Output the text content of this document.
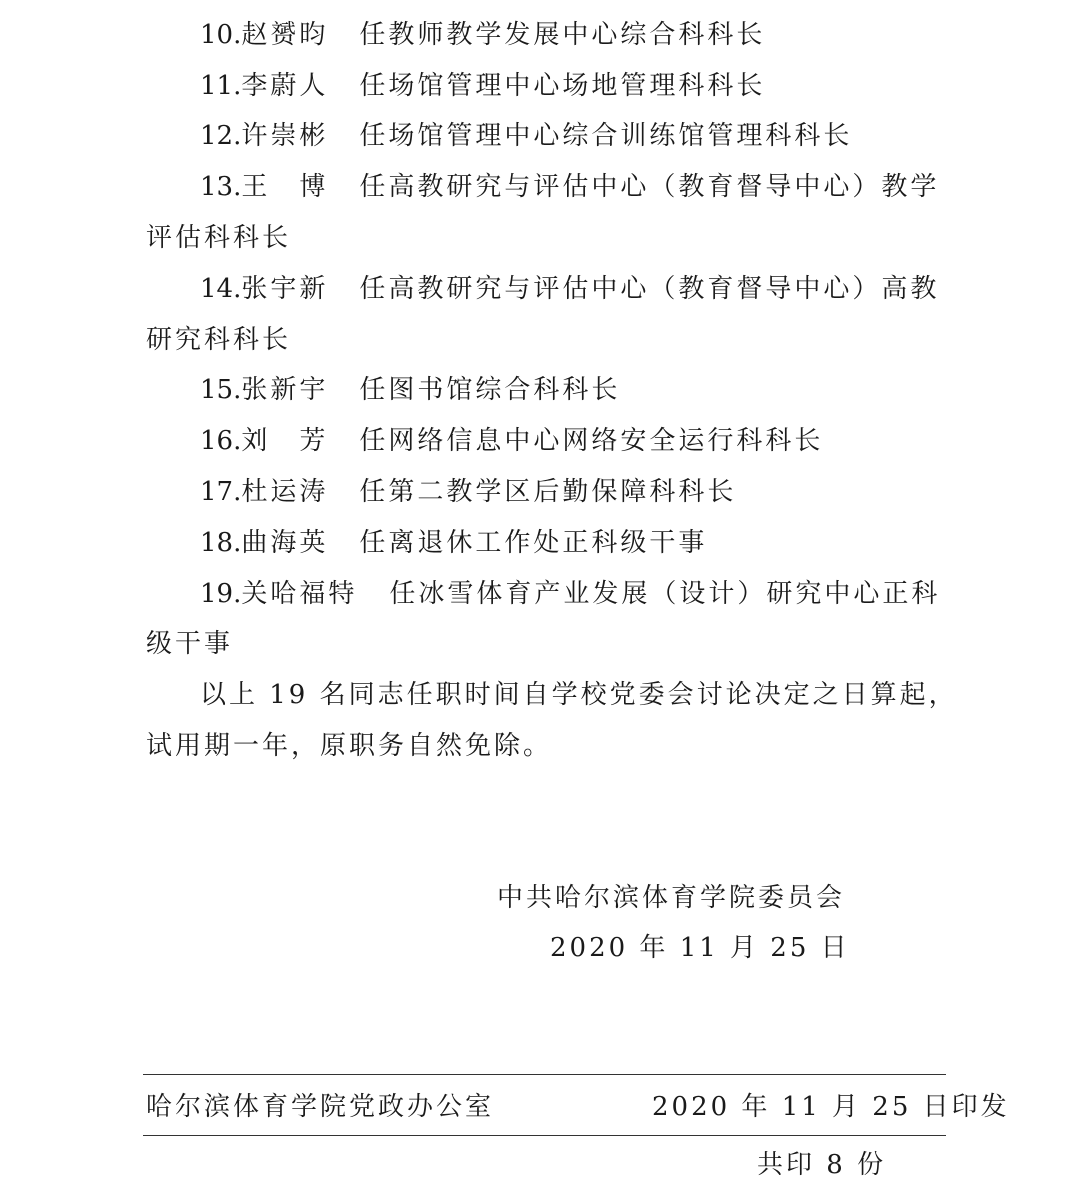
10.赵赟昀 任教师教学发展中心综合科科长
11.李蔚人 任场馆管理中心场地管理科科长
12.许崇彬 任场馆管理中心综合训练馆管理科科长
13.王　博 任高教研究与评估中心（教育督导中心）教学
评估科科长
14.张宇新 任高教研究与评估中心（教育督导中心）高教
研究科科长
15.张新宇 任图书馆综合科科长
16.刘　芳 任网络信息中心网络安全运行科科长
17.杜运涛 任第二教学区后勤保障科科长
18.曲海英 任离退休工作处正科级干事
19.关哈福特 任冰雪体育产业发展（设计）研究中心正科
级干事
以上 19 名同志任职时间自学校党委会讨论决定之日算起，
试用期一年，原职务自然免除。
中共哈尔滨体育学院委员会
2020 年 11 月 25 日
哈尔滨体育学院党政办公室	2020 年 11 月 25 日印发
共印 8 份
